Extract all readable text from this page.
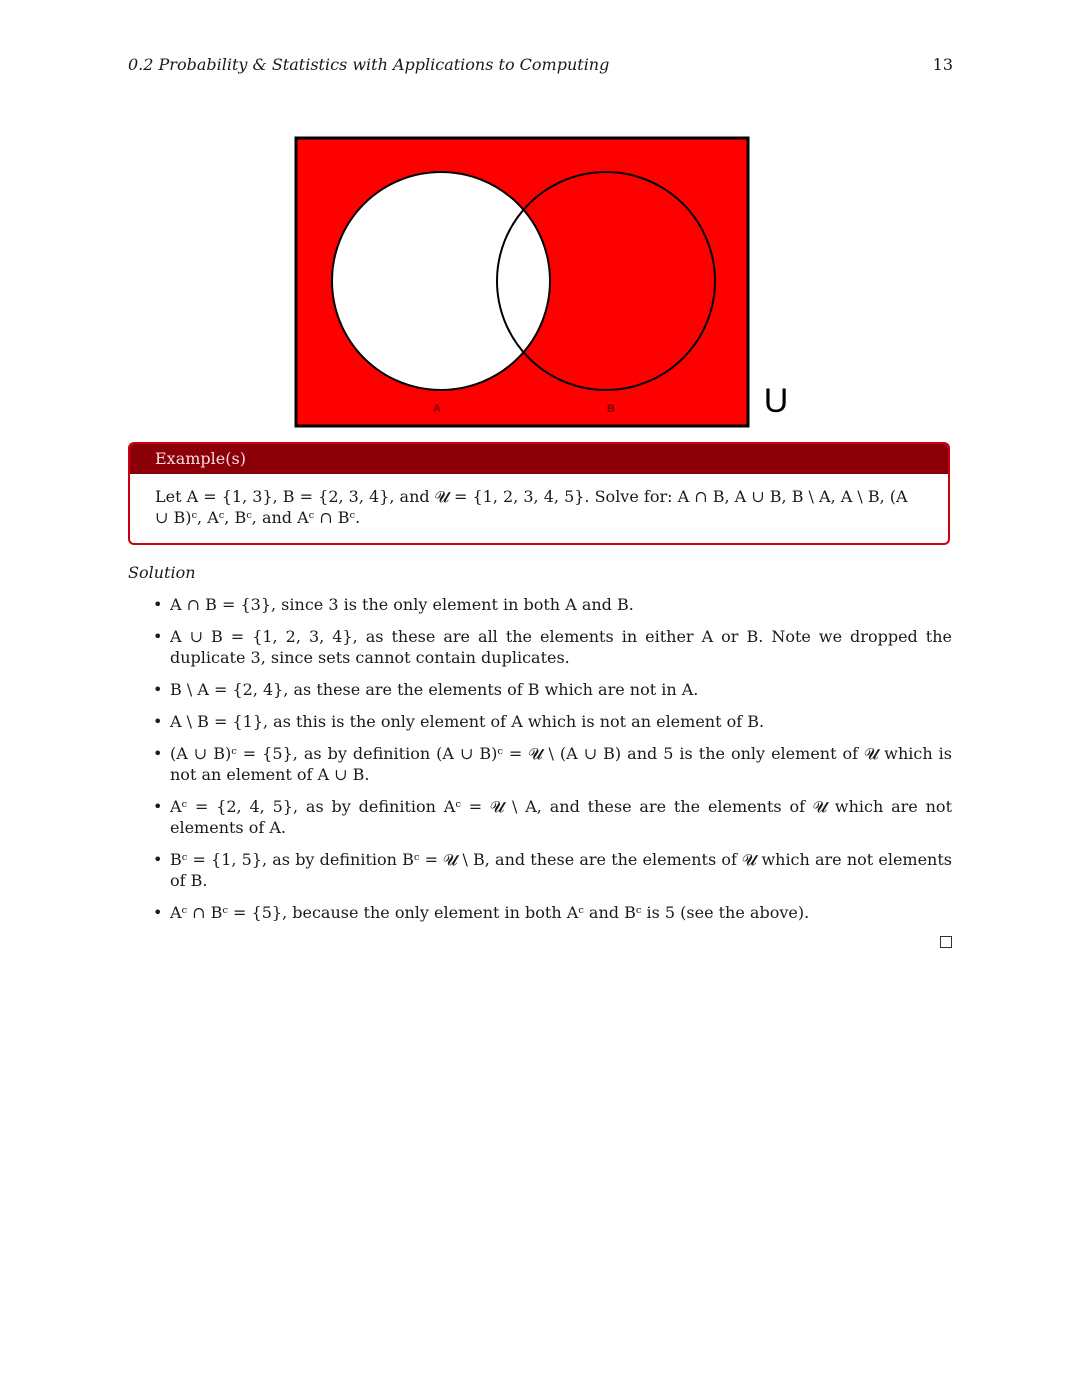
0.2 Probability & Statistics with Applications to Computing	13
A	B	U
Example(s)
Let A = {1, 3}, B = {2, 3, 4}, and 𝓤 = {1, 2, 3, 4, 5}. Solve for: A ∩ B, A ∪ B, B \ A, A \ B, (A ∪ B)ᶜ, Aᶜ, Bᶜ, and Aᶜ ∩ Bᶜ.
Solution
• A ∩ B = {3}, since 3 is the only element in both A and B.
• A ∪ B = {1, 2, 3, 4}, as these are all the elements in either A or B. Note we dropped the duplicate 3, since sets cannot contain duplicates.
• B \ A = {2, 4}, as these are the elements of B which are not in A.
• A \ B = {1}, as this is the only element of A which is not an element of B.
• (A ∪ B)ᶜ = {5}, as by definition (A ∪ B)ᶜ = 𝓤 \ (A ∪ B) and 5 is the only element of 𝓤 which is not an element of A ∪ B.
• Aᶜ = {2, 4, 5}, as by definition Aᶜ = 𝓤 \ A, and these are the elements of 𝓤 which are not elements of A.
• Bᶜ = {1, 5}, as by definition Bᶜ = 𝓤 \ B, and these are the elements of 𝓤 which are not elements of B.
• Aᶜ ∩ Bᶜ = {5}, because the only element in both Aᶜ and Bᶜ is 5 (see the above).
